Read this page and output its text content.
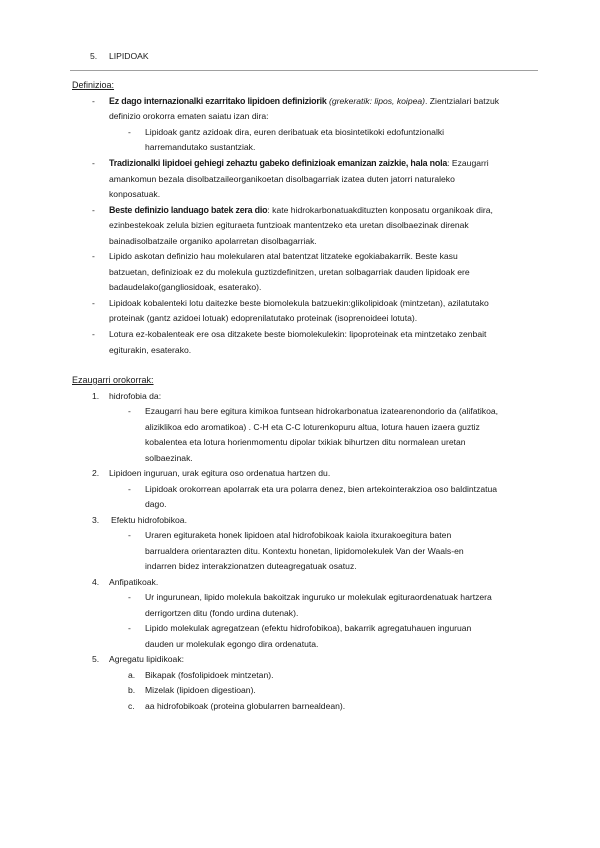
5. LIPIDOAK
Definizioa:
- Ez dago internazionalki ezarritako lipidoen definiziorik (grekeratik: lipos, koipea). Zientzialari batzuk
definizio orokorra ematen saiatu izan dira:
- Lipidoak gantz azidoak dira, euren deribatuak eta biosintetikoki edofuntzionalki
harremandutako sustantziak.
- Tradizionalki lipidoei gehiegi zehaztu gabeko definizioak emanizan zaizkie, hala nola: Ezaugarri
amankomun bezala disolbatzaileorganikoetan disolbagarriak izatea duten jatorri naturaleko
konposatuak.
- Beste definizio landuago batek zera dio: kate hidrokarbonatuakdituzten konposatu organikoak dira,
ezinbestekoak zelula bizien egituraeta funtzioak mantentzeko eta uretan disolbaezinak direnak
bainadisolbatzaile organiko apolarretan disolbagarriak.
- Lipido askotan definizio hau molekularen atal batentzat litzateke egokiabakarrik. Beste kasu
batzuetan, definizioak ez du molekula guztizdefinitzen, uretan solbagarriak dauden lipidoak ere
badaudelako(gangliosidoak, esaterako).
- Lipidoak kobalenteki lotu daitezke beste biomolekula batzuekin:glikolipidoak (mintzetan), azilatutako
proteinak (gantz azidoei lotuak) edoprenilatutako proteinak (isoprenoideei lotuta).
- Lotura ez-kobalenteak ere osa ditzakete beste biomolekulekin: lipoproteinak eta mintzetako zenbait
egiturakin, esaterako.
Ezaugarri orokorrak:
1. hidrofobia da:
- Ezaugarri hau bere egitura kimikoa funtsean hidrokarbonatua izatearenondorio da (alifatikoa,
aliziklikoa edo aromatikoa) . C-H eta C-C loturenkopuru altua, lotura hauen izaera guztiz
kobalentea eta lotura horienmomentu dipolar txikiak bihurtzen ditu normalean uretan
solbaezinak.
2. Lipidoen inguruan, urak egitura oso ordenatua hartzen du.
- Lipidoak orokorrean apolarrak eta ura polarra denez, bien artekointerakzioa oso baldintzatua
dago.
3. Efektu hidrofobikoa.
- Uraren egituraketa honek lipidoen atal hidrofobikoak kaiola itxurakoegitura baten
barrualdera orientarazten ditu. Kontextu honetan, lipidomolekulek Van der Waals-en
indarren bidez interakzionatzen duteagregatuak osatuz.
4. Anfipatikoak.
- Ur ingurunean, lipido molekula bakoitzak inguruko ur molekulak egituraordenatuak hartzera
derrigortzen ditu (fondo urdina dutenak).
- Lipido molekulak agregatzean (efektu hidrofobikoa), bakarrik agregatuhauen inguruan
dauden ur molekulak egongo dira ordenatuta.
5. Agregatu lipidikoak:
a. Bikapak (fosfolipidoek mintzetan).
b. Mizelak (lipidoen digestioan).
c. aa hidrofobikoak (proteina globularren barnealdean).
